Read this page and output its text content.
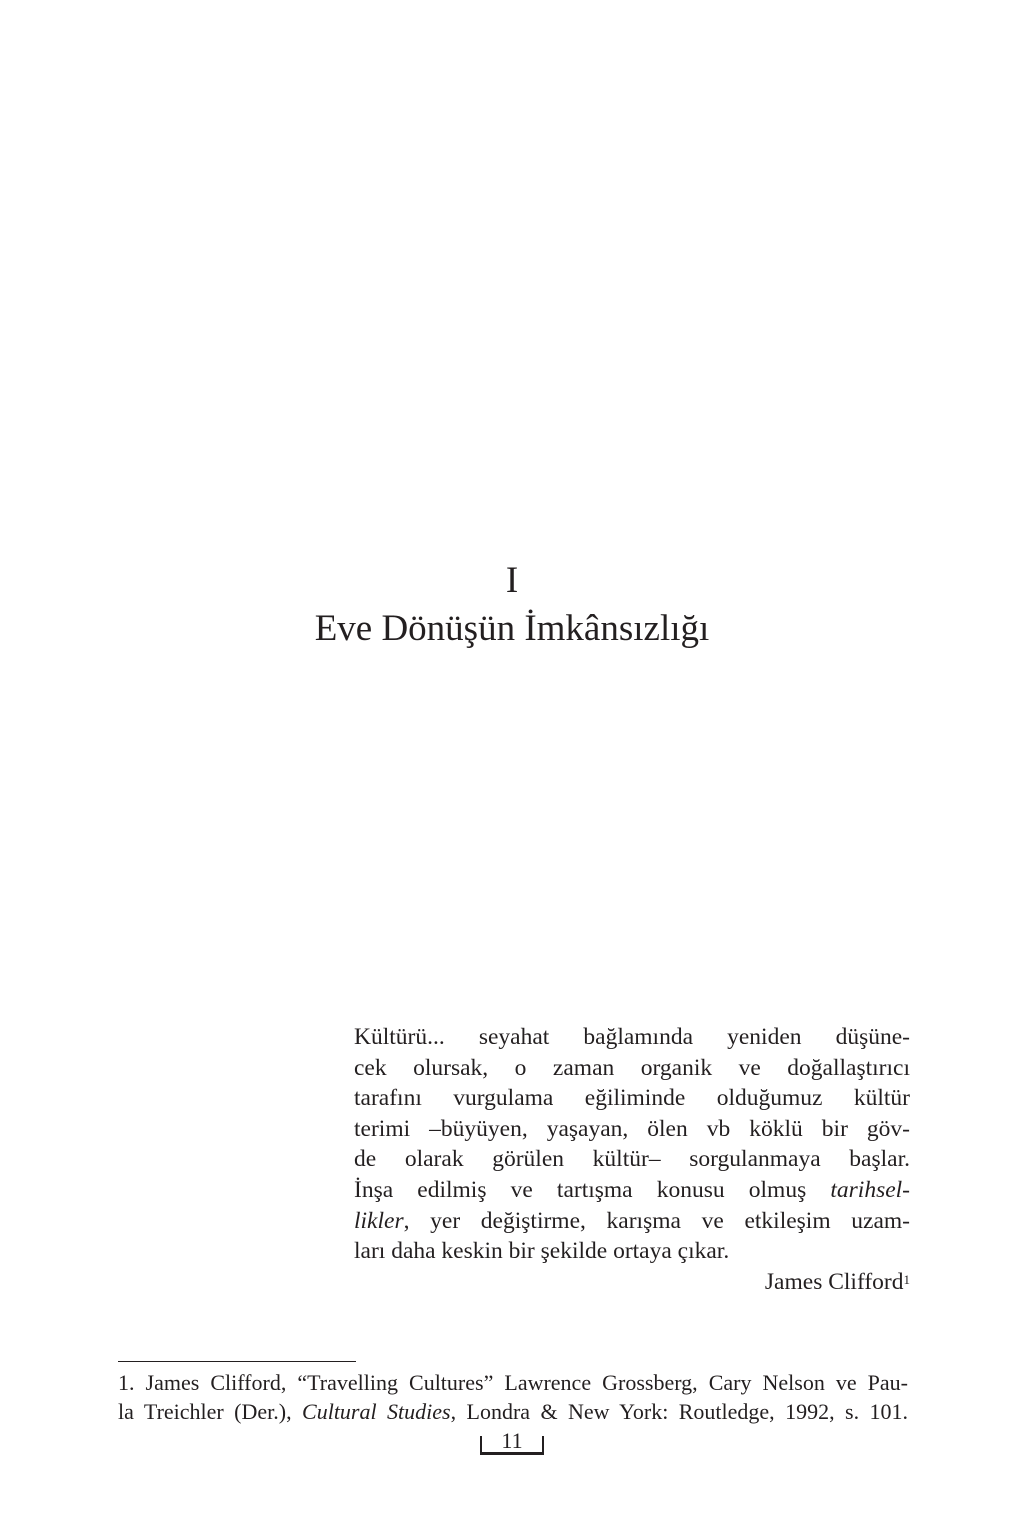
I
Eve Dönüşün İmkânsızlığı
Kültürü... seyahat bağlamında yeniden düşüne-
cek olursak, o zaman organik ve doğallaştırıcı
tarafını vurgulama eğiliminde olduğumuz kültür
terimi –büyüyen, yaşayan, ölen vb köklü bir göv-
de olarak görülen kültür– sorgulanmaya başlar.
İnşa edilmiş ve tartışma konusu olmuş tarihsel-
likler, yer değiştirme, karışma ve etkileşim uzam-
ları daha keskin bir şekilde ortaya çıkar.
James Clifford$^1$
1. James Clifford, “Travelling Cultures” Lawrence Grossberg, Cary Nelson ve Pau-
la Treichler (Der.), Cultural Studies, Londra & New York: Routledge, 1992, s. 101.
11
